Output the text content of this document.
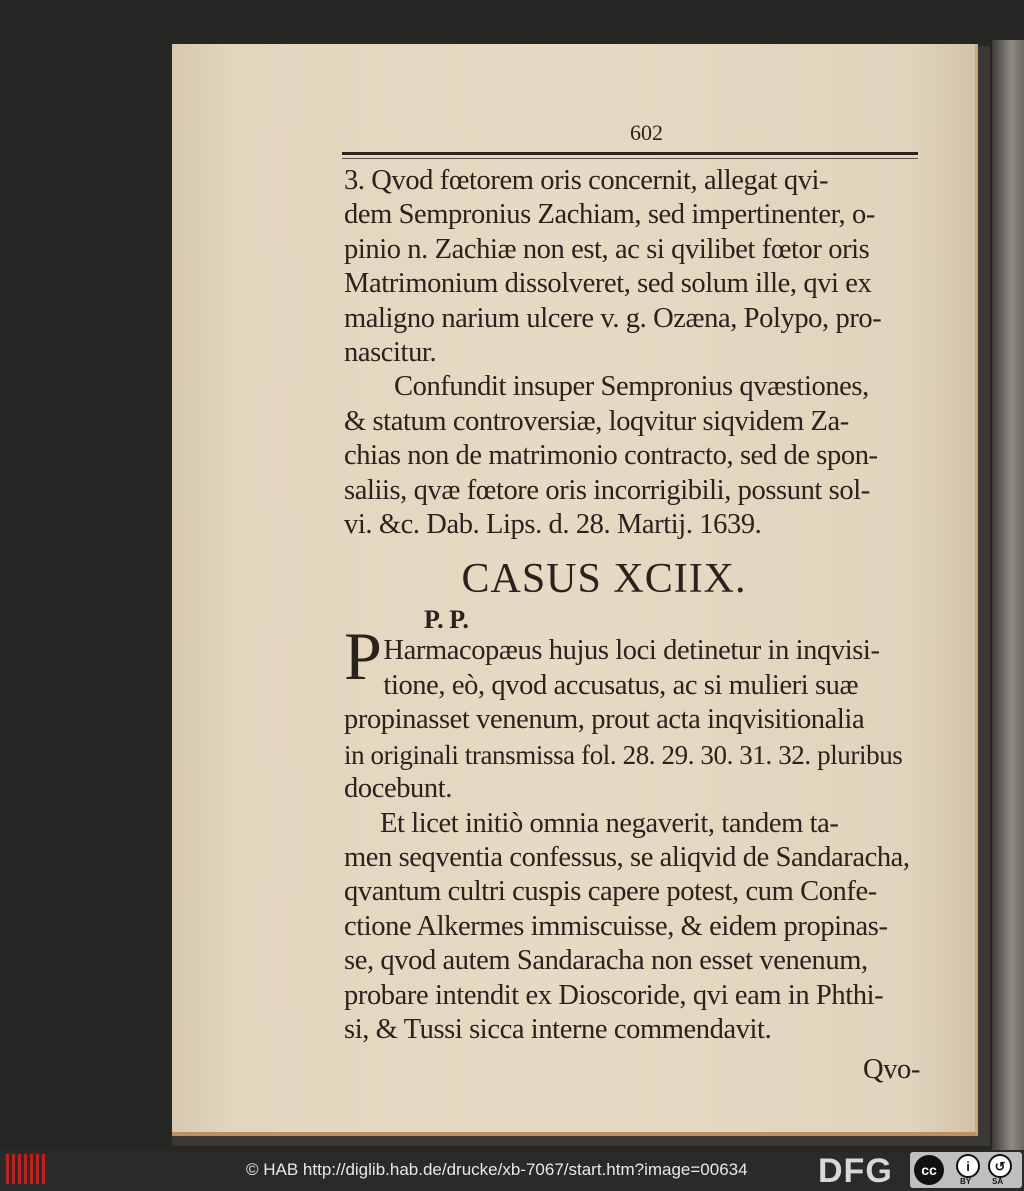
602
3. Qvod fœtorem oris concernit, allegat qvi-
dem Sempronius Zachiam, sed impertinenter, o-
pinio n. Zachiæ non est, ac si qvilibet fœtor oris
Matrimonium dissolveret, sed solum ille, qvi ex
maligno narium ulcere v. g. Ozæna, Polypo, pro-
nascitur.
Confundit insuper Sempronius qvæstiones,
& statum controversiæ, loqvitur siqvidem Za-
chias non de matrimonio contracto, sed de spon-
saliis, qvæ fœtore oris incorrigibili, possunt sol-
vi. &c. Dab. Lips. d. 28. Martij. 1639.
CASUS XCIIX.
P. P.
P Harmacopæus hujus loci detinetur in inqvisi-
tione, eò, qvod accusatus, ac si mulieri suæ
propinasset venenum, prout acta inqvisitionalia
in originali transmissa fol. 28. 29. 30. 31. 32. pluribus
docebunt.
Et licet initiò omnia negaverit, tandem ta-
men seqventia confessus, se aliqvid de Sandaracha,
qvantum cultri cuspis capere potest, cum Confe-
ctione Alkermes immiscuisse, & eidem propinas-
se, qvod autem Sandaracha non esset venenum,
probare intendit ex Dioscoride, qvi eam in Phthi-
si, & Tussi sicca interne commendavit.
Qvo-
© HAB http://diglib.hab.de/drucke/xb-7067/start.htm?image=00634 DFG	cc	i	↺
BY	SA
